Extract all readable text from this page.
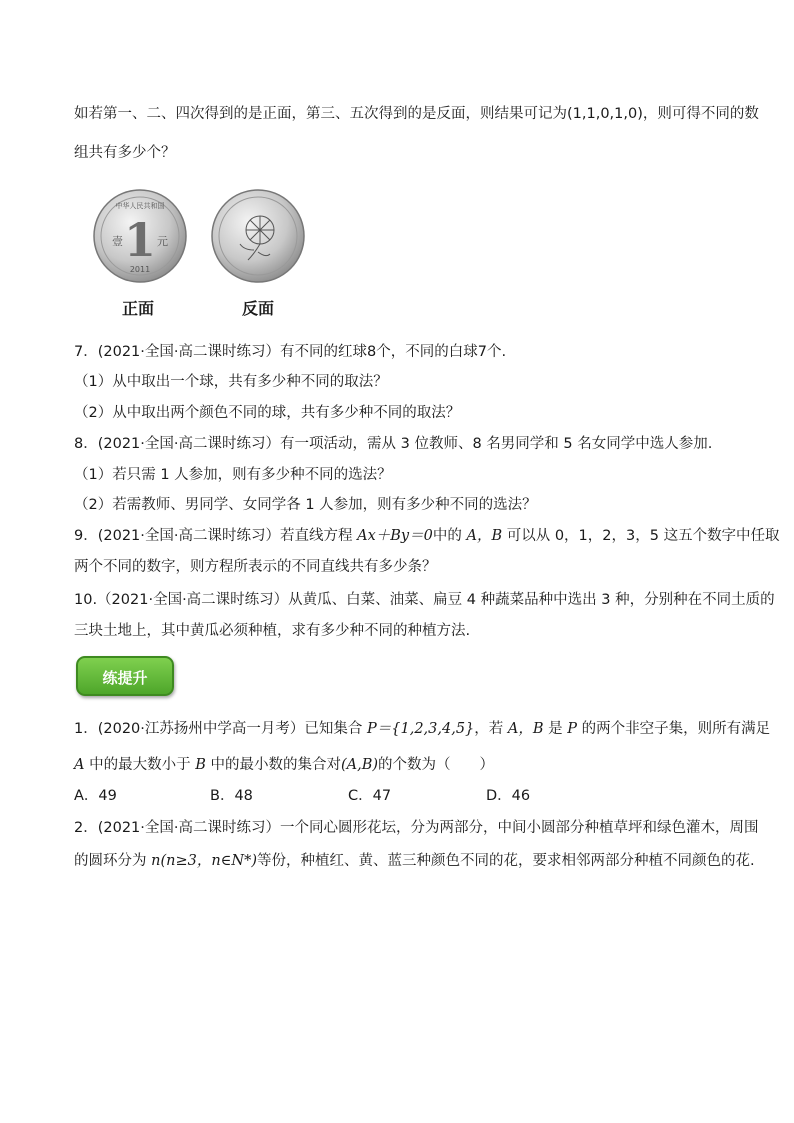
如若第一、二、四次得到的是正面，第三、五次得到的是反面，则结果可记为(1,1,0,1,0)，则可得不同的数
组共有多少个？
中华人民共和国
1
壹	元
2011
正面	反面
7．(2021·全国·高二课时练习）有不同的红球8个，不同的白球7个.
（1）从中取出一个球，共有多少种不同的取法？
（2）从中取出两个颜色不同的球，共有多少种不同的取法？
8．(2021·全国·高二课时练习）有一项活动，需从 3 位教师、8 名男同学和 5 名女同学中选人参加.
（1）若只需 1 人参加，则有多少种不同的选法？
（2）若需教师、男同学、女同学各 1 人参加，则有多少种不同的选法？
9．(2021·全国·高二课时练习）若直线方程 Ax＋By＝0中的 A，B 可以从 0，1，2，3，5 这五个数字中任取
两个不同的数字，则方程所表示的不同直线共有多少条？
10.（2021·全国·高二课时练习）从黄瓜、白菜、油菜、扁豆 4 种蔬菜品种中选出 3 种，分别种在不同土质的
三块土地上，其中黄瓜必须种植，求有多少种不同的种植方法.
练提升
1．(2020·江苏扬州中学高一月考）已知集合 P＝{1,2,3,4,5}，若 A，B 是 P 的两个非空子集，则所有满足
A 中的最大数小于 B 中的最小数的集合对(A,B)的个数为（　　）
A．49	B．48	C．47	D．46
2．(2021·全国·高二课时练习）一个同心圆形花坛，分为两部分，中间小圆部分种植草坪和绿色灌木，周围
的圆环分为 n(n≥3，n∈N*)等份，种植红、黄、蓝三种颜色不同的花，要求相邻两部分种植不同颜色的花.
